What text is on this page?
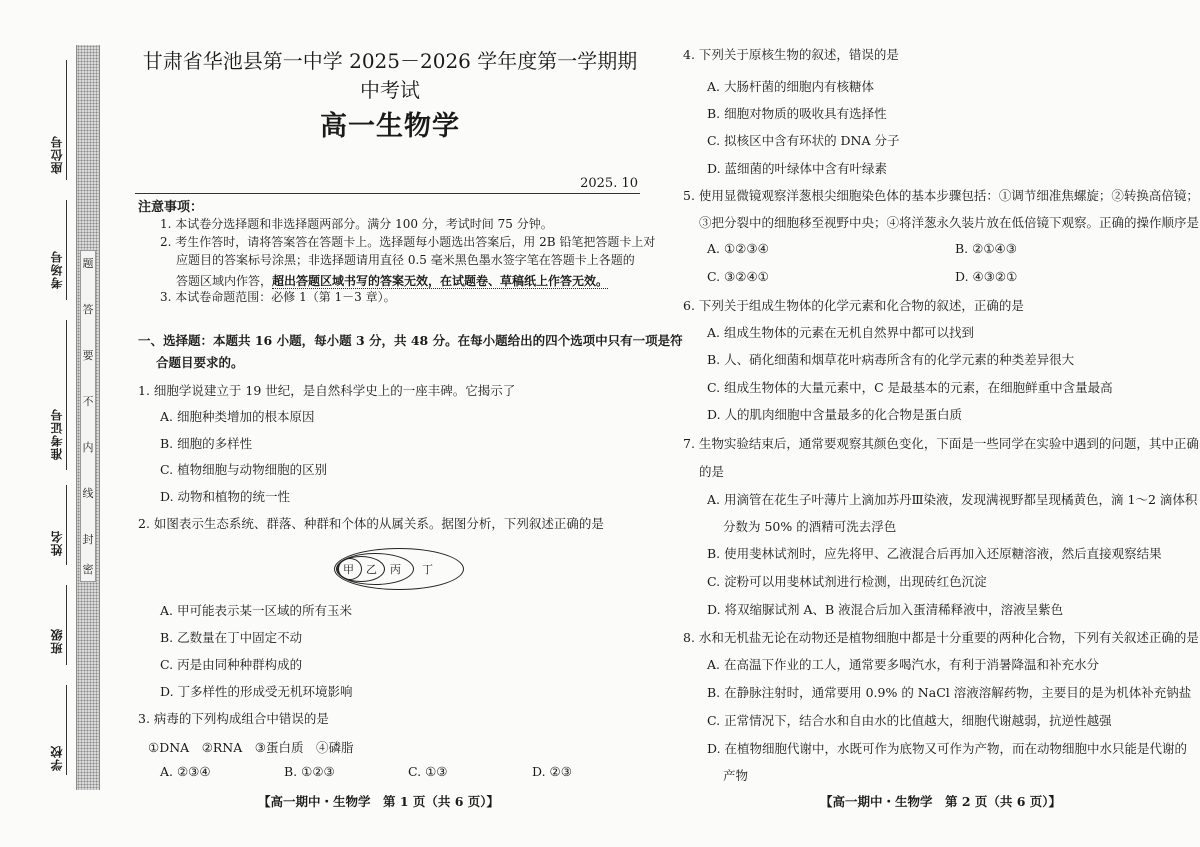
题
答
要
不
内
线
封
密
座位号
考场号
准考证号
姓名
班级
学校
甘肃省华池县第一中学 2025－2026 学年度第一学期期中考试
高一生物学
2025. 10
注意事项：
1. 本试卷分选择题和非选择题两部分。满分 100 分，考试时间 75 分钟。
2. 考生作答时，请将答案答在答题卡上。选择题每小题选出答案后，用 2B 铅笔把答题卡上对
应题目的答案标号涂黑；非选择题请用直径 0.5 毫米黑色墨水签字笔在答题卡上各题的
答题区域内作答，超出答题区域书写的答案无效，在试题卷、草稿纸上作答无效。
3. 本试卷命题范围：必修 1（第 1－3 章）。
一、选择题：本题共 16 小题，每小题 3 分，共 48 分。在每小题给出的四个选项中只有一项是符
合题目要求的。
1. 细胞学说建立于 19 世纪，是自然科学史上的一座丰碑。它揭示了
A. 细胞种类增加的根本原因
B. 细胞的多样性
C. 植物细胞与动物细胞的区别
D. 动物和植物的统一性
2. 如图表示生态系统、群落、种群和个体的从属关系。据图分析，下列叙述正确的是
甲 乙 丙 丁
A. 甲可能表示某一区域的所有玉米
B. 乙数量在丁中固定不动
C. 丙是由同种种群构成的
D. 丁多样性的形成受无机环境影响
3. 病毒的下列构成组合中错误的是
①DNA　②RNA　③蛋白质　④磷脂
A. ②③④	B. ①②③	C. ①③	D. ②③
【高一期中・生物学　第 1 页（共 6 页）】
4. 下列关于原核生物的叙述，错误的是
A. 大肠杆菌的细胞内有核糖体
B. 细胞对物质的吸收具有选择性
C. 拟核区中含有环状的 DNA 分子
D. 蓝细菌的叶绿体中含有叶绿素
5. 使用显微镜观察洋葱根尖细胞染色体的基本步骤包括：①调节细准焦螺旋；②转换高倍镜；
③把分裂中的细胞移至视野中央；④将洋葱永久装片放在低倍镜下观察。正确的操作顺序是
A. ①②③④	B. ②①④③
C. ③②④①	D. ④③②①
6. 下列关于组成生物体的化学元素和化合物的叙述，正确的是
A. 组成生物体的元素在无机自然界中都可以找到
B. 人、硝化细菌和烟草花叶病毒所含有的化学元素的种类差异很大
C. 组成生物体的大量元素中，C 是最基本的元素，在细胞鲜重中含量最高
D. 人的肌肉细胞中含量最多的化合物是蛋白质
7. 生物实验结束后，通常要观察其颜色变化，下面是一些同学在实验中遇到的问题，其中正确
的是
A. 用滴管在花生子叶薄片上滴加苏丹Ⅲ染液，发现满视野都呈现橘黄色，滴 1～2 滴体积
分数为 50% 的酒精可洗去浮色
B. 使用斐林试剂时，应先将甲、乙液混合后再加入还原糖溶液，然后直接观察结果
C. 淀粉可以用斐林试剂进行检测，出现砖红色沉淀
D. 将双缩脲试剂 A、B 液混合后加入蛋清稀释液中，溶液呈紫色
8. 水和无机盐无论在动物还是植物细胞中都是十分重要的两种化合物，下列有关叙述正确的是
A. 在高温下作业的工人，通常要多喝汽水，有利于消暑降温和补充水分
B. 在静脉注射时，通常要用 0.9% 的 NaCl 溶液溶解药物，主要目的是为机体补充钠盐
C. 正常情况下，结合水和自由水的比值越大，细胞代谢越弱，抗逆性越强
D. 在植物细胞代谢中，水既可作为底物又可作为产物，而在动物细胞中水只能是代谢的
产物
【高一期中・生物学　第 2 页（共 6 页）】
